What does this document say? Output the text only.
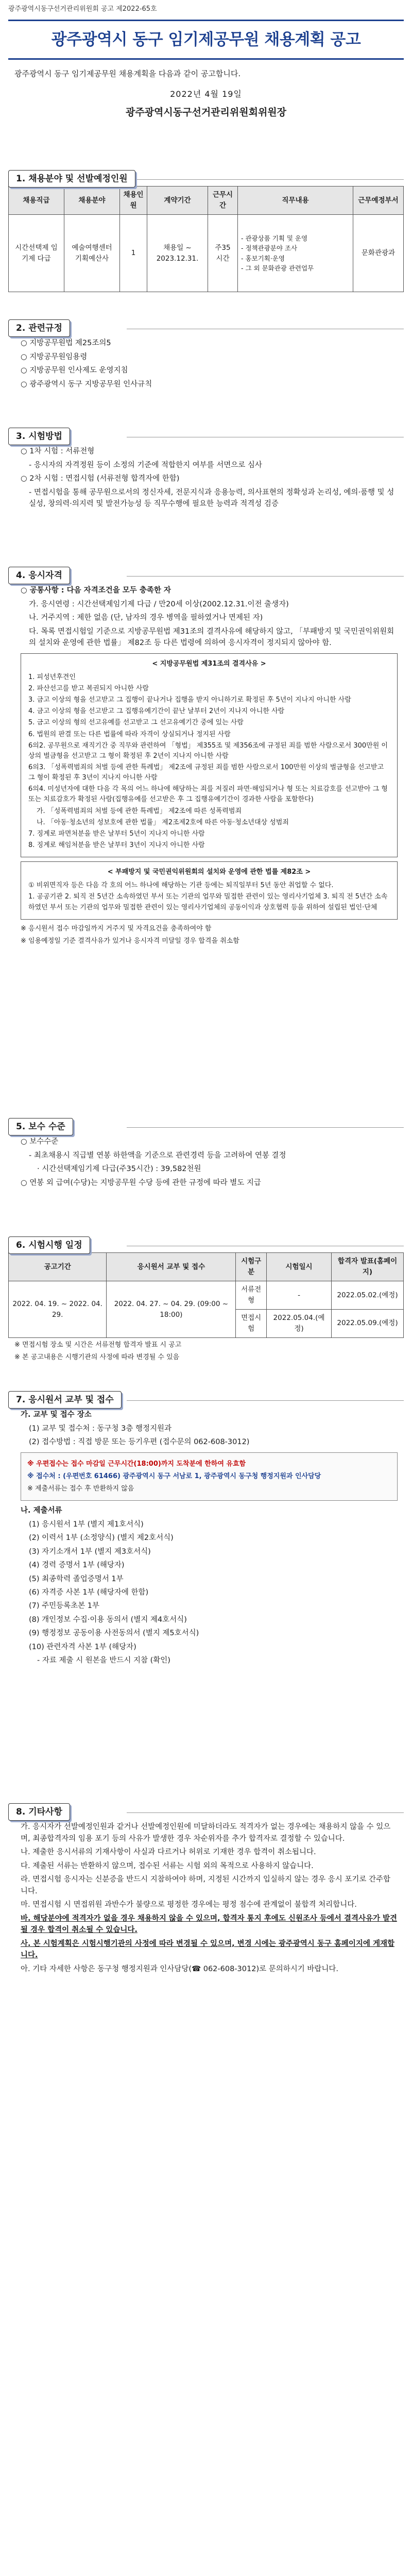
광주광역시동구선거관리위원회 공고 제2022-65호
광주광역시 동구 임기제공무원 채용계획 공고
광주광역시 동구 임기제공무원 채용계획을 다음과 같이 공고합니다.
2022년 4월 19일
광주광역시동구선거관리위원회위원장
1. 채용분야 및 선발예정인원
채용직급	채용분야	채용인원	계약기간	근무시간	직무내용	근무예정부서
시간선택제 임기제 다급	예술여행센터 기획예산사	1	채용일 ~ 2023.12.31.	주35 시간	- 관광상품 기획 및 운영
- 정책관광분야 조사
- 홍보기획·운영
- 그 외 문화관광 관련업무	문화관광과
2. 관련규정

○ 지방공무원법 제25조의5

○ 지방공무원임용령

○ 지방공무원 인사제도 운영지침

○ 광주광역시 동구 지방공무원 인사규칙

3. 시험방법

○ 1차 시험 : 서류전형

- 응시자의 자격정원 등이 소정의 기준에 적합한지 여부를 서면으로 심사

○ 2차 시험 : 면접시험 (서류전형 합격자에 한함)

- 면접시험을 통해 공무원으로서의 정신자세, 전문지식과 응용능력, 의사표현의 정확성과 논리성, 예의·품행 및 성실성, 창의력·의지력 및 발전가능성 등 직무수행에 필요한 능력과 적격성 검증

4. 응시자격

○ 공통사항 : 다음 자격조건을 모두 충족한 자

가. 응시연령 : 시간선택제임기제 다급 / 만20세 이상(2002.12.31.이전 출생자)

나. 거주지역 : 제한 없음 (단, 남자의 경우 병역을 필하였거나 면제된 자)

다. 목록 면접시험일 기준으로 지방공무원법 제31조의 결격사유에 해당하지 않고, 「부패방지 및 국민권익위원회의 설치와 운영에 관한 법률」 제82조 등 다른 법령에 의하여 응시자격이 정지되지 않아야 함.

< 지방공무원법 제31조의 결격사유 >

1. 피성년후견인

2. 파산선고를 받고 복권되지 아니한 사람

3. 금고 이상의 형을 선고받고 그 집행이 끝나거나 집행을 받지 아니하기로 확정된 후 5년이 지나지 아니한 사람

4. 금고 이상의 형을 선고받고 그 집행유예기간이 끝난 날부터 2년이 지나지 아니한 사람

5. 금고 이상의 형의 선고유예를 선고받고 그 선고유예기간 중에 있는 사람

6. 법원의 판결 또는 다른 법률에 따라 자격이 상실되거나 정지된 사람

6의2. 공무원으로 재직기간 중 직무와 관련하여 「형법」 제355조 및 제356조에 규정된 죄를 범한 사람으로서 300만원 이상의 벌금형을 선고받고 그 형이 확정된 후 2년이 지나지 아니한 사람

6의3. 「성폭력범죄의 처벌 등에 관한 특례법」 제2조에 규정된 죄를 범한 사람으로서 100만원 이상의 벌금형을 선고받고 그 형이 확정된 후 3년이 지나지 아니한 사람

6의4. 미성년자에 대한 다음 각 목의 어느 하나에 해당하는 죄를 저질러 파면·해임되거나 형 또는 치료감호를 선고받아 그 형 또는 치료감호가 확정된 사람(집행유예를 선고받은 후 그 집행유예기간이 경과한 사람을 포함한다)

가. 「성폭력범죄의 처벌 등에 관한 특례법」 제2조에 따른 성폭력범죄

나. 「아동·청소년의 성보호에 관한 법률」 제2조제2호에 따른 아동·청소년대상 성범죄

7. 징계로 파면처분을 받은 날부터 5년이 지나지 아니한 사람

8. 징계로 해임처분을 받은 날부터 3년이 지나지 아니한 사람

< 부패방지 및 국민권익위원회의 설치와 운영에 관한 법률 제82조 >

① 비위면직자 등은 다음 각 호의 어느 하나에 해당하는 기관 등에는 퇴직일부터 5년 동안 취업할 수 없다.

1. 공공기관 2. 퇴직 전 5년간 소속하였던 부서 또는 기관의 업무와 밀접한 관련이 있는 영리사기업체 3. 퇴직 전 5년간 소속하였던 부서 또는 기관의 업무와 밀접한 관련이 있는 영리사기업체의 공동이익과 상호협력 등을 위하여 설립된 법인·단체

※ 응시원서 접수 마감일까지 거주지 및 자격요건을 충족하여야 함

※ 임용예정일 기준 결격사유가 있거나 응시자격 미달일 경우 합격을 취소함

5. 보수 수준

○ 보수수준

- 최초채용시 직급별 연봉 하한액을 기준으로 관련경력 등을 고려하여 연봉 결정

· 시간선택제임기제 다급(주35시간) : 39,582천원

○ 연봉 외 급여(수당)는 지방공무원 수당 등에 관한 규정에 따라 별도 지급

6. 시험시행 일정
공고기간	응시원서 교부 및 접수	시험구분	시험일시	합격자 발표(홈페이지)
2022. 04. 19. ~ 2022. 04. 29.	2022. 04. 27. ~ 04. 29. (09:00 ~ 18:00)	서류전형	-	2022.05.02.(예정)
		면접시험	2022.05.04.(예정)	2022.05.09.(예정)

※ 면접시험 장소 및 시간은 서류전형 합격자 발표 시 공고

※ 본 공고내용은 시행기관의 사정에 따라 변경될 수 있음

7. 응시원서 교부 및 접수

가. 교부 및 접수 장소

(1) 교부 및 접수처 : 동구청 3층 행정지원과

(2) 접수방법 : 직접 방문 또는 등기우편 (접수문의 062-608-3012)

※ 우편접수는 접수 마감일 근무시간(18:00)까지 도착분에 한하여 유효함

※ 접수처 : (우편번호 61466) 광주광역시 동구 서남로 1, 광주광역시 동구청 행정지원과 인사담당

※ 제출서류는 접수 후 반환하지 않음

나. 제출서류

(1) 응시원서 1부 (별지 제1호서식)

(2) 이력서 1부 (소정양식) (별지 제2호서식)

(3) 자기소개서 1부 (별지 제3호서식)

(4) 경력 증명서 1부 (해당자)

(5) 최종학력 졸업증명서 1부

(6) 자격증 사본 1부 (해당자에 한함)

(7) 주민등록초본 1부

(8) 개인정보 수집·이용 동의서 (별지 제4호서식)

(9) 행정정보 공동이용 사전동의서 (별지 제5호서식)

(10) 관련자격 사본 1부 (해당자)

- 자료 제출 시 원본을 반드시 지참 (확인)

8. 기타사항

가. 응시자가 선발예정인원과 같거나 선발예정인원에 미달하더라도 적격자가 없는 경우에는 채용하지 않을 수 있으며, 최종합격자의 임용 포기 등의 사유가 발생한 경우 차순위자를 추가 합격자로 결정할 수 있습니다.

나. 제출한 응시서류의 기재사항이 사실과 다르거나 허위로 기재한 경우 합격이 취소됩니다.

다. 제출된 서류는 반환하지 않으며, 접수된 서류는 시험 외의 목적으로 사용하지 않습니다.

라. 면접시험 응시자는 신분증을 반드시 지참하여야 하며, 지정된 시간까지 입실하지 않는 경우 응시 포기로 간주합니다.

마. 면접시험 시 면접위원 과반수가 불량으로 평정한 경우에는 평정 점수에 관계없이 불합격 처리합니다.

바. 해당분야에 적격자가 없을 경우 채용하지 않을 수 있으며, 합격자 통지 후에도 신원조사 등에서 결격사유가 발견될 경우 합격이 취소될 수 있습니다.

사. 본 시험계획은 시험시행기관의 사정에 따라 변경될 수 있으며, 변경 시에는 광주광역시 동구 홈페이지에 게재합니다.

아. 기타 자세한 사항은 동구청 행정지원과 인사담당(☎ 062-608-3012)로 문의하시기 바랍니다.
